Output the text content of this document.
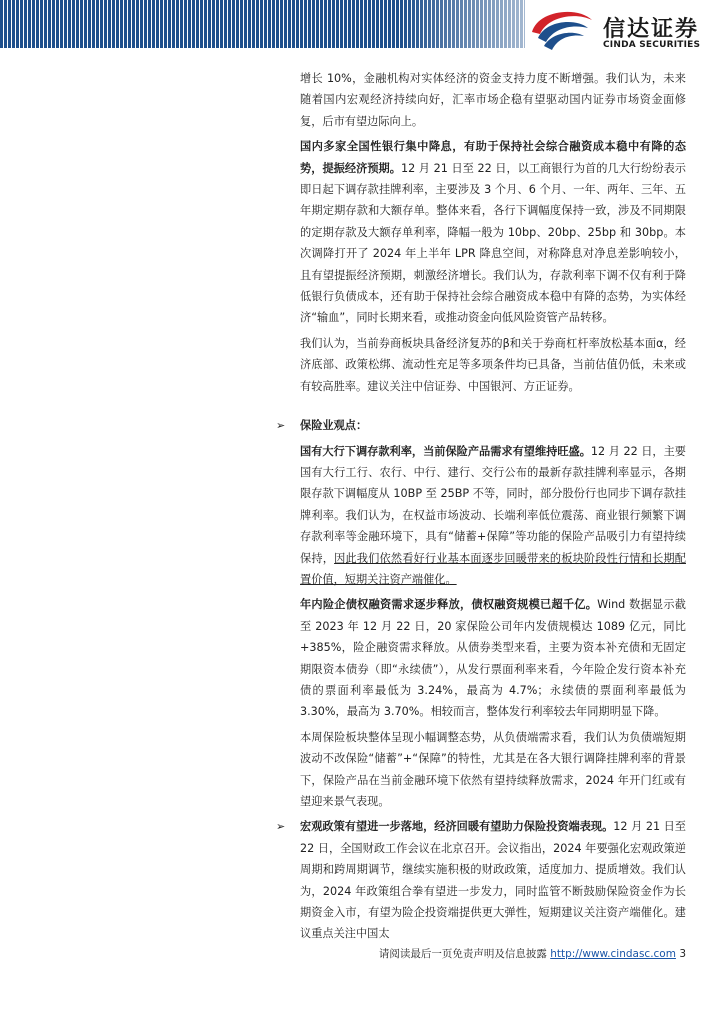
信达证券
CINDA SECURITIES

增长 10%，金融机构对实体经济的资金支持力度不断增强。我们认为，未来随着国内宏观经济持续向好，汇率市场企稳有望驱动国内证券市场资金面修复，后市有望边际向上。

国内多家全国性银行集中降息，有助于保持社会综合融资成本稳中有降的态势，提振经济预期。12 月 21 日至 22 日，以工商银行为首的几大行纷纷表示即日起下调存款挂牌利率，主要涉及 3 个月、6 个月、一年、两年、三年、五年期定期存款和大额存单。整体来看，各行下调幅度保持一致，涉及不同期限的定期存款及大额存单利率，降幅一般为 10bp、20bp、25bp 和 30bp。本次调降打开了 2024 年上半年 LPR 降息空间，对称降息对净息差影响较小，且有望提振经济预期，刺激经济增长。我们认为，存款利率下调不仅有利于降低银行负债成本，还有助于保持社会综合融资成本稳中有降的态势，为实体经济“输血”，同时长期来看，或推动资金向低风险资管产品转移。

我们认为，当前券商板块具备经济复苏的β和关于券商杠杆率放松基本面α，经济底部、政策松绑、流动性充足等多项条件均已具备，当前估值仍低，未来或有较高胜率。建议关注中信证券、中国银河、方正证券。

➢ 保险业观点：

国有大行下调存款利率，当前保险产品需求有望维持旺盛。12 月 22 日，主要国有大行工行、农行、中行、建行、交行公布的最新存款挂牌利率显示，各期限存款下调幅度从 10BP 至 25BP 不等，同时，部分股份行也同步下调存款挂牌利率。我们认为，在权益市场波动、长端利率低位震荡、商业银行频繁下调存款利率等金融环境下，具有“储蓄+保障”等功能的保险产品吸引力有望持续保持，因此我们依然看好行业基本面逐步回暖带来的板块阶段性行情和长期配置价值，短期关注资产端催化。

年内险企债权融资需求逐步释放，债权融资规模已超千亿。Wind 数据显示截至 2023 年 12 月 22 日，20 家保险公司年内发债规模达 1089 亿元，同比+385%，险企融资需求释放。从债券类型来看，主要为资本补充债和无固定期限资本债券（即“永续债”），从发行票面利率来看，今年险企发行资本补充债的票面利率最低为 3.24%，最高为 4.7%；永续债的票面利率最低为 3.30%，最高为 3.70%。相较而言，整体发行利率较去年同期明显下降。

本周保险板块整体呈现小幅调整态势，从负债端需求看，我们认为负债端短期波动不改保险“储蓄”+“保障”的特性，尤其是在各大银行调降挂牌利率的背景下，保险产品在当前金融环境下依然有望持续释放需求，2024 年开门红或有望迎来景气表现。

➢ 宏观政策有望进一步落地，经济回暖有望助力保险投资端表现。12 月 21 日至 22 日，全国财政工作会议在北京召开。会议指出，2024 年要强化宏观政策逆周期和跨周期调节，继续实施积极的财政政策，适度加力、提质增效。我们认为，2024 年政策组合拳有望进一步发力，同时监管不断鼓励保险资金作为长期资金入市，有望为险企投资端提供更大弹性，短期建议关注资产端催化。建议重点关注中国太

请阅读最后一页免责声明及信息披露 http://www.cindasc.com 3
